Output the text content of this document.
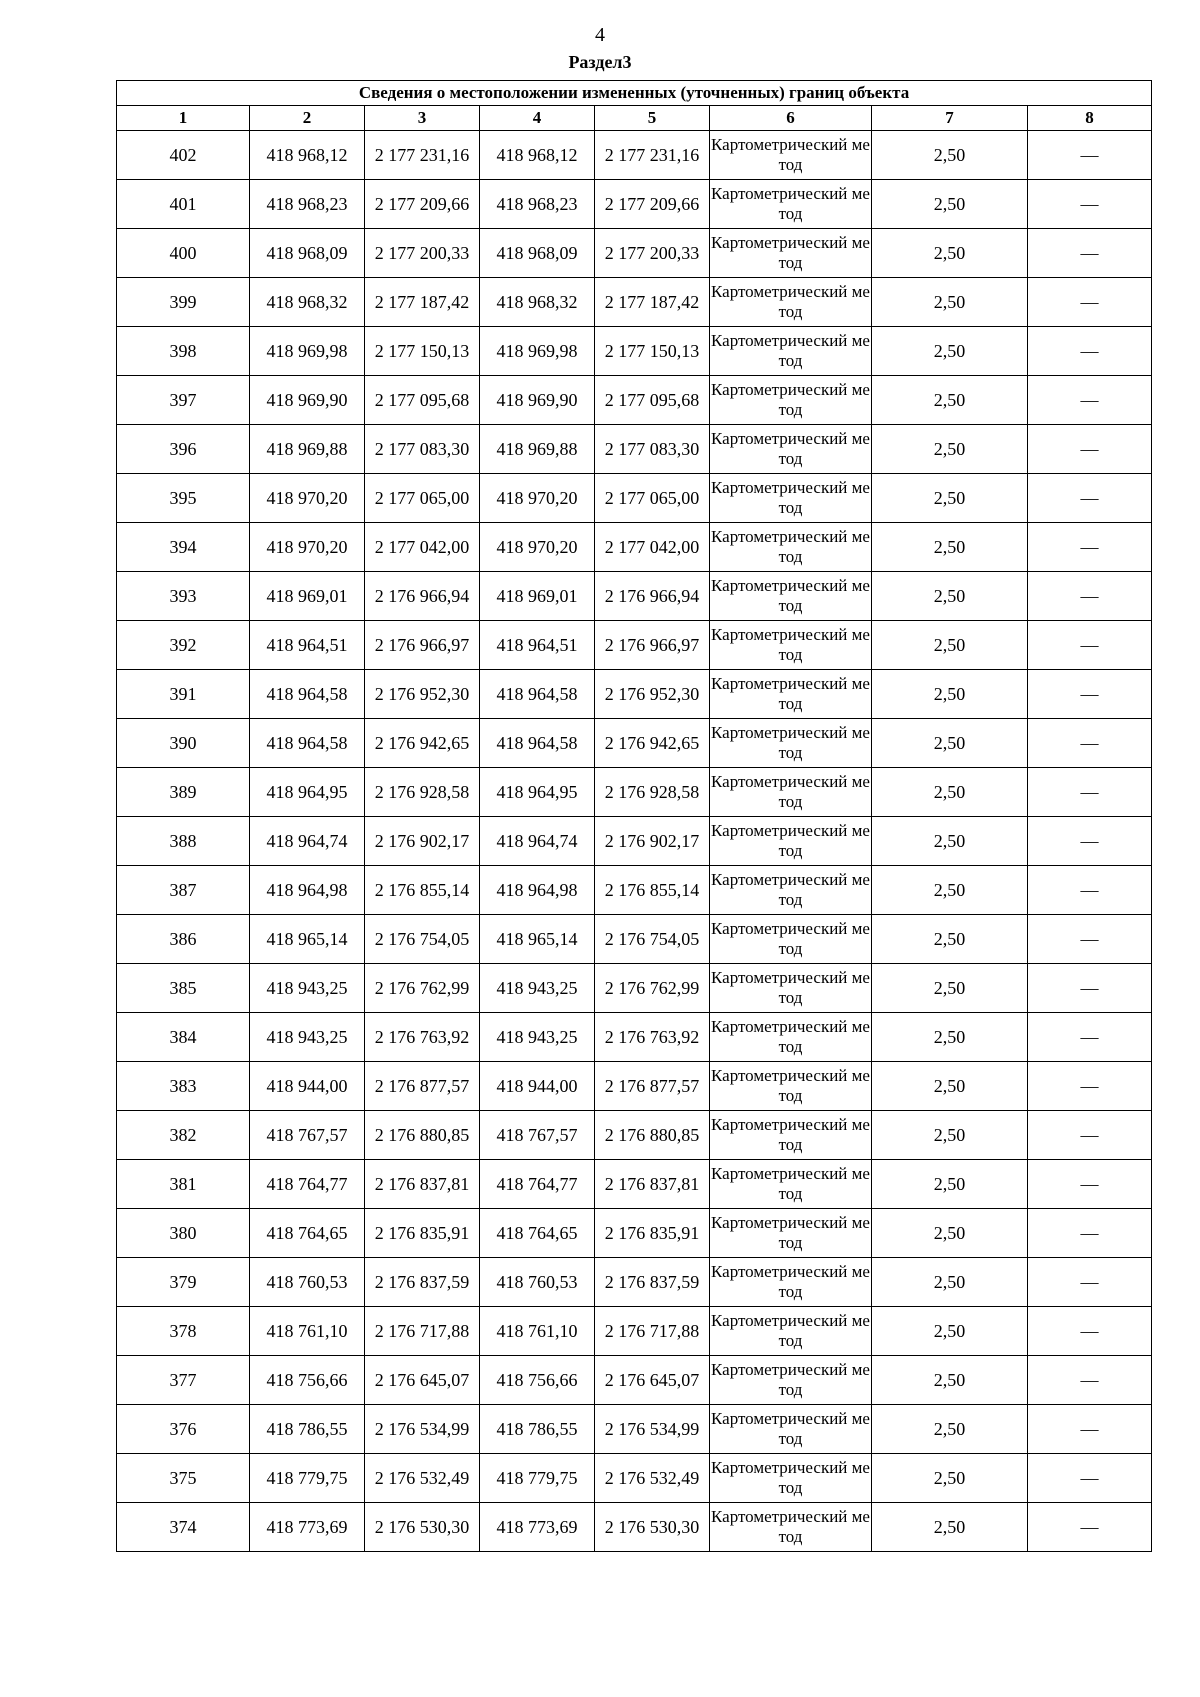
4
Раздел3
Сведения о местоположении измененных (уточненных) границ объекта							
1	2	3	4	5	6	7	8
402	418 968,12	2 177 231,16	418 968,12	2 177 231,16	Картометрический метод	2,50	—
401	418 968,23	2 177 209,66	418 968,23	2 177 209,66	Картометрический метод	2,50	—
400	418 968,09	2 177 200,33	418 968,09	2 177 200,33	Картометрический метод	2,50	—
399	418 968,32	2 177 187,42	418 968,32	2 177 187,42	Картометрический метод	2,50	—
398	418 969,98	2 177 150,13	418 969,98	2 177 150,13	Картометрический метод	2,50	—
397	418 969,90	2 177 095,68	418 969,90	2 177 095,68	Картометрический метод	2,50	—
396	418 969,88	2 177 083,30	418 969,88	2 177 083,30	Картометрический метод	2,50	—
395	418 970,20	2 177 065,00	418 970,20	2 177 065,00	Картометрический метод	2,50	—
394	418 970,20	2 177 042,00	418 970,20	2 177 042,00	Картометрический метод	2,50	—
393	418 969,01	2 176 966,94	418 969,01	2 176 966,94	Картометрический метод	2,50	—
392	418 964,51	2 176 966,97	418 964,51	2 176 966,97	Картометрический метод	2,50	—
391	418 964,58	2 176 952,30	418 964,58	2 176 952,30	Картометрический метод	2,50	—
390	418 964,58	2 176 942,65	418 964,58	2 176 942,65	Картометрический метод	2,50	—
389	418 964,95	2 176 928,58	418 964,95	2 176 928,58	Картометрический метод	2,50	—
388	418 964,74	2 176 902,17	418 964,74	2 176 902,17	Картометрический метод	2,50	—
387	418 964,98	2 176 855,14	418 964,98	2 176 855,14	Картометрический метод	2,50	—
386	418 965,14	2 176 754,05	418 965,14	2 176 754,05	Картометрический метод	2,50	—
385	418 943,25	2 176 762,99	418 943,25	2 176 762,99	Картометрический метод	2,50	—
384	418 943,25	2 176 763,92	418 943,25	2 176 763,92	Картометрический метод	2,50	—
383	418 944,00	2 176 877,57	418 944,00	2 176 877,57	Картометрический метод	2,50	—
382	418 767,57	2 176 880,85	418 767,57	2 176 880,85	Картометрический метод	2,50	—
381	418 764,77	2 176 837,81	418 764,77	2 176 837,81	Картометрический метод	2,50	—
380	418 764,65	2 176 835,91	418 764,65	2 176 835,91	Картометрический метод	2,50	—
379	418 760,53	2 176 837,59	418 760,53	2 176 837,59	Картометрический метод	2,50	—
378	418 761,10	2 176 717,88	418 761,10	2 176 717,88	Картометрический метод	2,50	—
377	418 756,66	2 176 645,07	418 756,66	2 176 645,07	Картометрический метод	2,50	—
376	418 786,55	2 176 534,99	418 786,55	2 176 534,99	Картометрический метод	2,50	—
375	418 779,75	2 176 532,49	418 779,75	2 176 532,49	Картометрический метод	2,50	—
374	418 773,69	2 176 530,30	418 773,69	2 176 530,30	Картометрический метод	2,50	—
